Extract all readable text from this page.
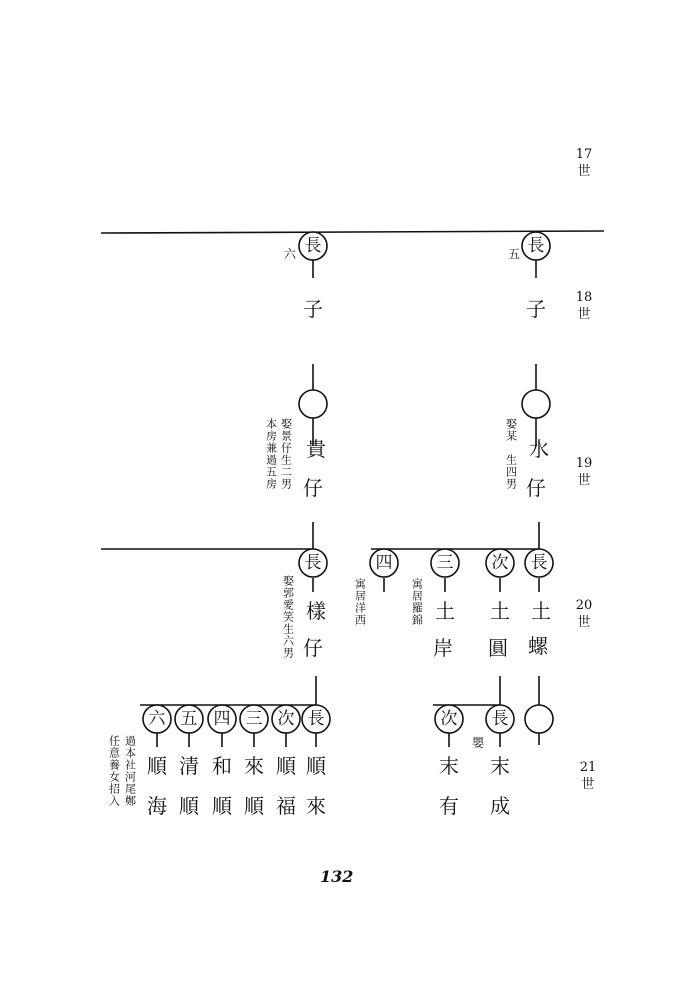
17
世
18
世
19
世
20
世
21
世
六	五
長	長
子	子
貴
仔
娶景仔生二男
本房兼過五房	水
仔
娶某　生四男
長	長
次
三
四
樣
仔
娶郭愛笑生六男	土
螺
土
圓
土
岸
寓居羅錦
寓居洋西
長
次
三
四
五
六
順
來
順
福
來
順
和
順
清
順
順
海
過本社河尾鄭
任意養女招入
長
次
末
成
末
有
嬰
132
